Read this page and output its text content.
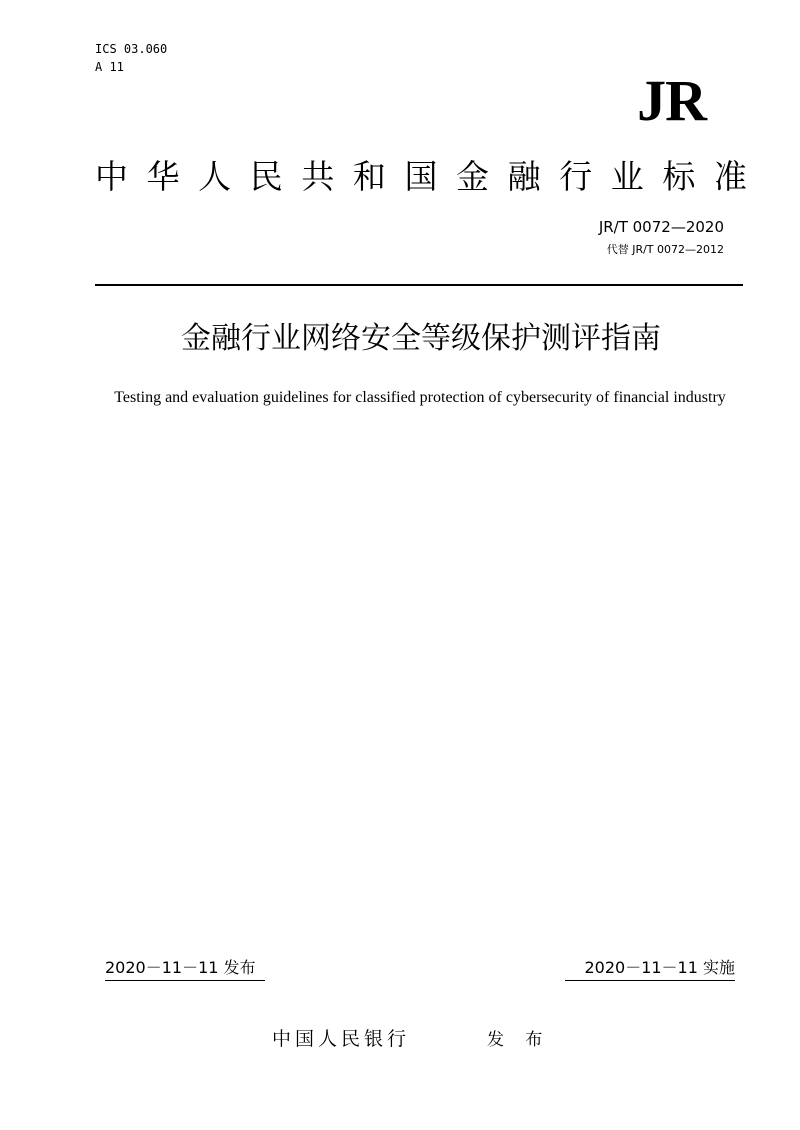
ICS 03.060
A 11
JR
中 华 人 民 共 和 国 金 融 行 业 标 准
JR/T 0072—2020
代替 JR/T 0072—2012
金融行业网络安全等级保护测评指南
Testing and evaluation guidelines for classified protection of cybersecurity of financial industry
2020－11－11 发布	2020－11－11 实施
中国人民银行	发 布
